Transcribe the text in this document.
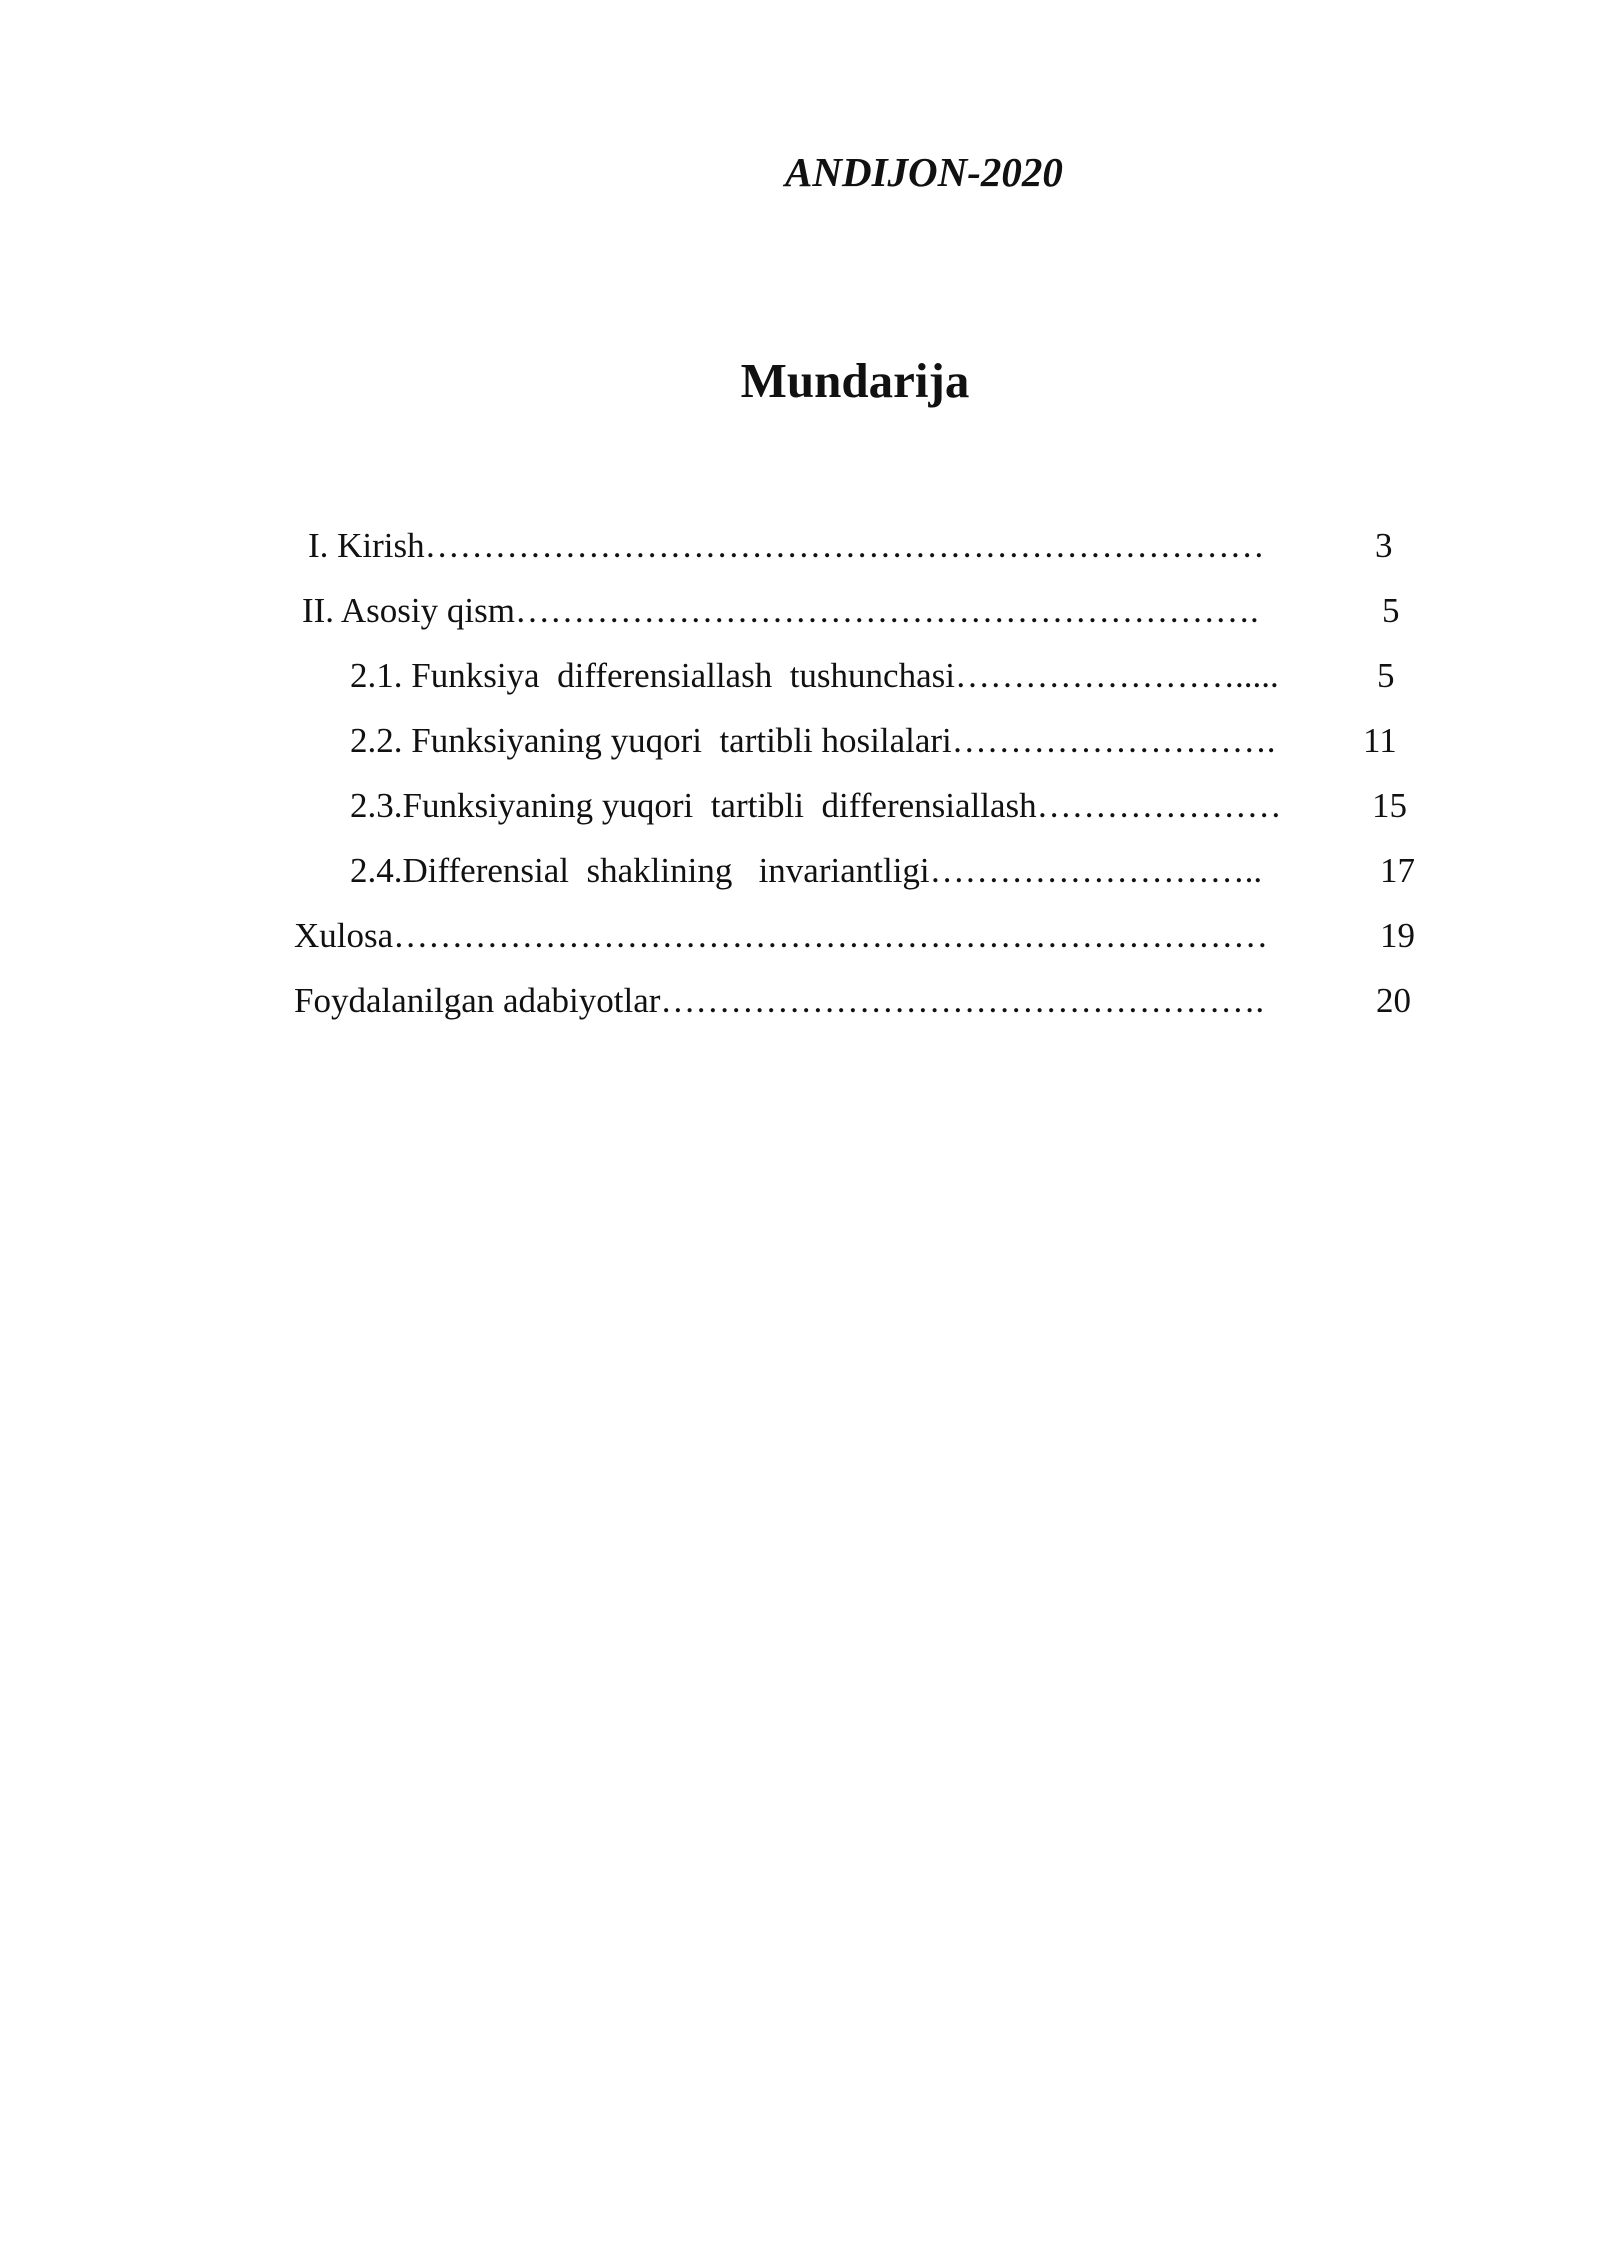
ANDIJON-2020
Mundarija
I. Kirish………………………………………………………………	3
II. Asosiy qism……………………………………………………….	5
2.1. Funksiya  differensiallash  tushunchasi…………………….....	5
2.2. Funksiyaning yuqori  tartibli hosilalari………………………. 11
2.3.Funksiyaning yuqori  tartibli  differensiallash…………………	15
2.4.Differensial  shaklining   invariantligi………………………..	17
Xulosa…………………………………………………………………	19
Foydalanilgan adabiyotlar…………………………………………….	20
